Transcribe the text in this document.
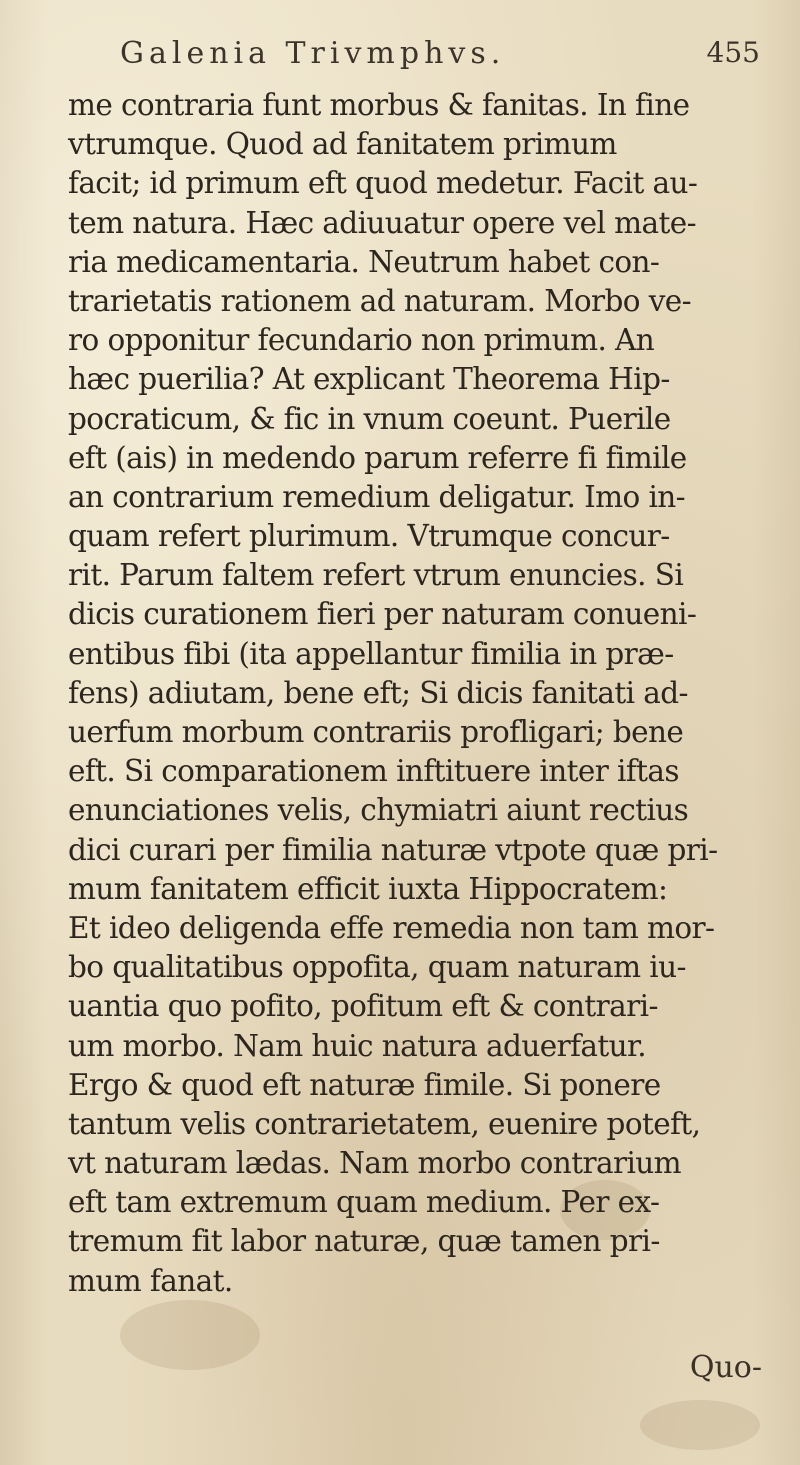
Galenia Trivmphvs.	455
me contraria funt morbus & fanitas. In fine
vtrumque. Quod ad fanitatem primum
facit; id primum eft quod medetur. Facit au-
tem natura. Hæc adiuuatur opere vel mate-
ria medicamentaria. Neutrum habet con-
trarietatis rationem ad naturam. Morbo ve-
ro opponitur fecundario non primum. An
hæc puerilia? At explicant Theorema Hip-
pocraticum, & fic in vnum coeunt. Puerile
eft (ais) in medendo parum referre fi fimile
an contrarium remedium deligatur. Imo in-
quam refert plurimum. Vtrumque concur-
rit. Parum faltem refert vtrum enuncies. Si
dicis curationem fieri per naturam conueni-
entibus fibi (ita appellantur fimilia in præ-
fens) adiutam, bene eft; Si dicis fanitati ad-
uerfum morbum contrariis profligari; bene
eft. Si comparationem inftituere inter iftas
enunciationes velis, chymiatri aiunt rectius
dici curari per fimilia naturæ vtpote quæ pri-
mum fanitatem efficit iuxta Hippocratem:
Et ideo deligenda effe remedia non tam mor-
bo qualitatibus oppofita, quam naturam iu-
uantia quo pofito, pofitum eft & contrari-
um morbo. Nam huic natura aduerfatur.
Ergo & quod eft naturæ fimile. Si ponere
tantum velis contrarietatem, euenire poteft,
vt naturam lædas. Nam morbo contrarium
eft tam extremum quam medium. Per ex-
tremum fit labor naturæ, quæ tamen pri-
mum fanat.
Quo-
